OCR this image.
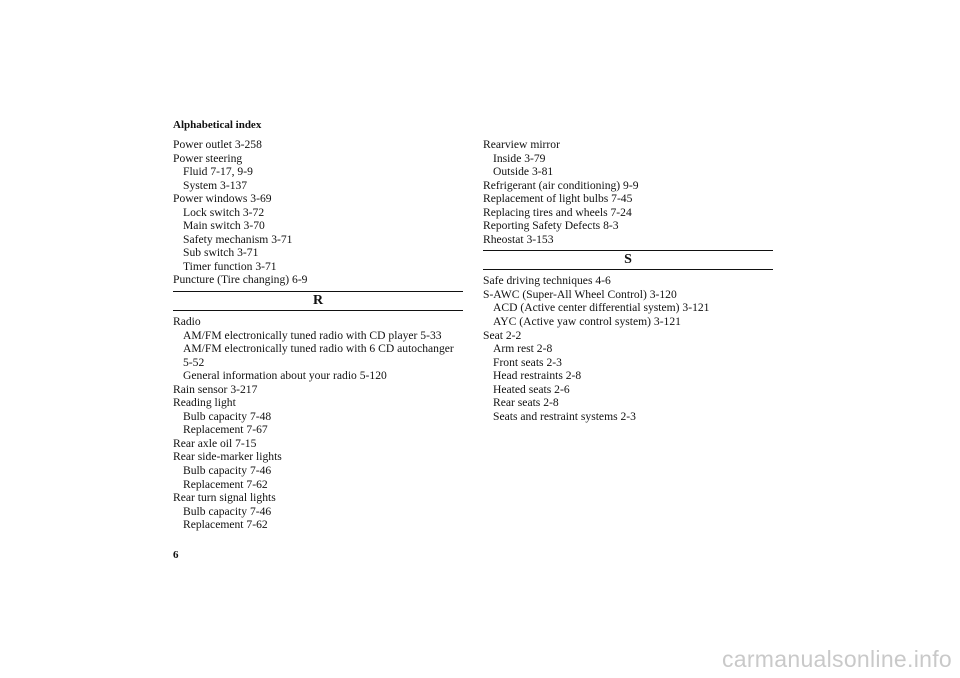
Alphabetical index
Power outlet 3-258
Power steering
Fluid 7-17, 9-9
System 3-137
Power windows 3-69
Lock switch 3-72
Main switch 3-70
Safety mechanism 3-71
Sub switch 3-71
Timer function 3-71
Puncture (Tire changing) 6-9
R
Radio
AM/FM electronically tuned radio with CD player 5-33
AM/FM electronically tuned radio with 6 CD autochanger 5-52
General information about your radio 5-120
Rain sensor 3-217
Reading light
Bulb capacity 7-48
Replacement 7-67
Rear axle oil 7-15
Rear side-marker lights
Bulb capacity 7-46
Replacement 7-62
Rear turn signal lights
Bulb capacity 7-46
Replacement 7-62
Rearview mirror
Inside 3-79
Outside 3-81
Refrigerant (air conditioning) 9-9
Replacement of light bulbs 7-45
Replacing tires and wheels 7-24
Reporting Safety Defects 8-3
Rheostat 3-153
S
Safe driving techniques 4-6
S-AWC (Super-All Wheel Control) 3-120
ACD (Active center differential system) 3-121
AYC (Active yaw control system) 3-121
Seat 2-2
Arm rest 2-8
Front seats 2-3
Head restraints 2-8
Heated seats 2-6
Rear seats 2-8
Seats and restraint systems 2-3
6
carmanualsonline.info
